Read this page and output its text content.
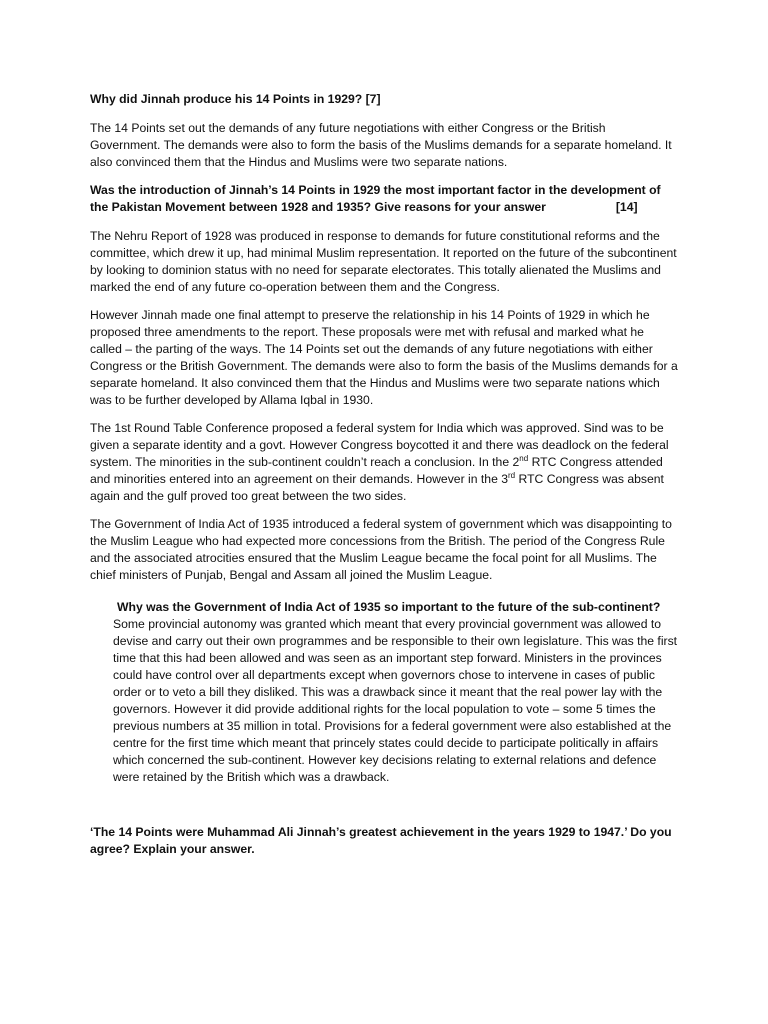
Why did Jinnah produce his 14 Points in 1929? [7]
The 14 Points set out the demands of any future negotiations with either Congress or the British Government. The demands were also to form the basis of the Muslims demands for a separate homeland. It also convinced them that the Hindus and Muslims were two separate nations.
Was the introduction of Jinnah’s 14 Points in 1929 the most important factor in the development of the Pakistan Movement between 1928 and 1935? Give reasons for your answer	[14]
The Nehru Report of 1928 was produced in response to demands for future constitutional reforms and the committee, which drew it up, had minimal Muslim representation. It reported on the future of the subcontinent by looking to dominion status with no need for separate electorates. This totally alienated the Muslims and marked the end of any future co-operation between them and the Congress.
However Jinnah made one final attempt to preserve the relationship in his 14 Points of 1929 in which he proposed three amendments to the report. These proposals were met with refusal and marked what he called – the parting of the ways. The 14 Points set out the demands of any future negotiations with either Congress or the British Government. The demands were also to form the basis of the Muslims demands for a separate homeland. It also convinced them that the Hindus and Muslims were two separate nations which was to be further developed by Allama Iqbal in 1930.
The 1st Round Table Conference proposed a federal system for India which was approved. Sind was to be given a separate identity and a govt. However Congress boycotted it and there was deadlock on the federal system. The minorities in the sub-continent couldn’t reach a conclusion. In the 2nd RTC Congress attended and minorities entered into an agreement on their demands. However in the 3rd RTC Congress was absent again and the gulf proved too great between the two sides.
The Government of India Act of 1935 introduced a federal system of government which was disappointing to the Muslim League who had expected more concessions from the British. The period of the Congress Rule and the associated atrocities ensured that the Muslim League became the focal point for all Muslims. The chief ministers of Punjab, Bengal and Assam all joined the Muslim League.
Why was the Government of India Act of 1935 so important to the future of the sub-continent?
Some provincial autonomy was granted which meant that every provincial government was allowed to devise and carry out their own programmes and be responsible to their own legislature. This was the first time that this had been allowed and was seen as an important step forward. Ministers in the provinces could have control over all departments except when governors chose to intervene in cases of public order or to veto a bill they disliked. This was a drawback since it meant that the real power lay with the governors. However it did provide additional rights for the local population to vote – some 5 times the previous numbers at 35 million in total. Provisions for a federal government were also established at the centre for the first time which meant that princely states could decide to participate politically in affairs which concerned the sub-continent. However key decisions relating to external relations and defence were retained by the British which was a drawback.
‘The 14 Points were Muhammad Ali Jinnah’s greatest achievement in the years 1929 to 1947.’ Do you agree? Explain your answer.
